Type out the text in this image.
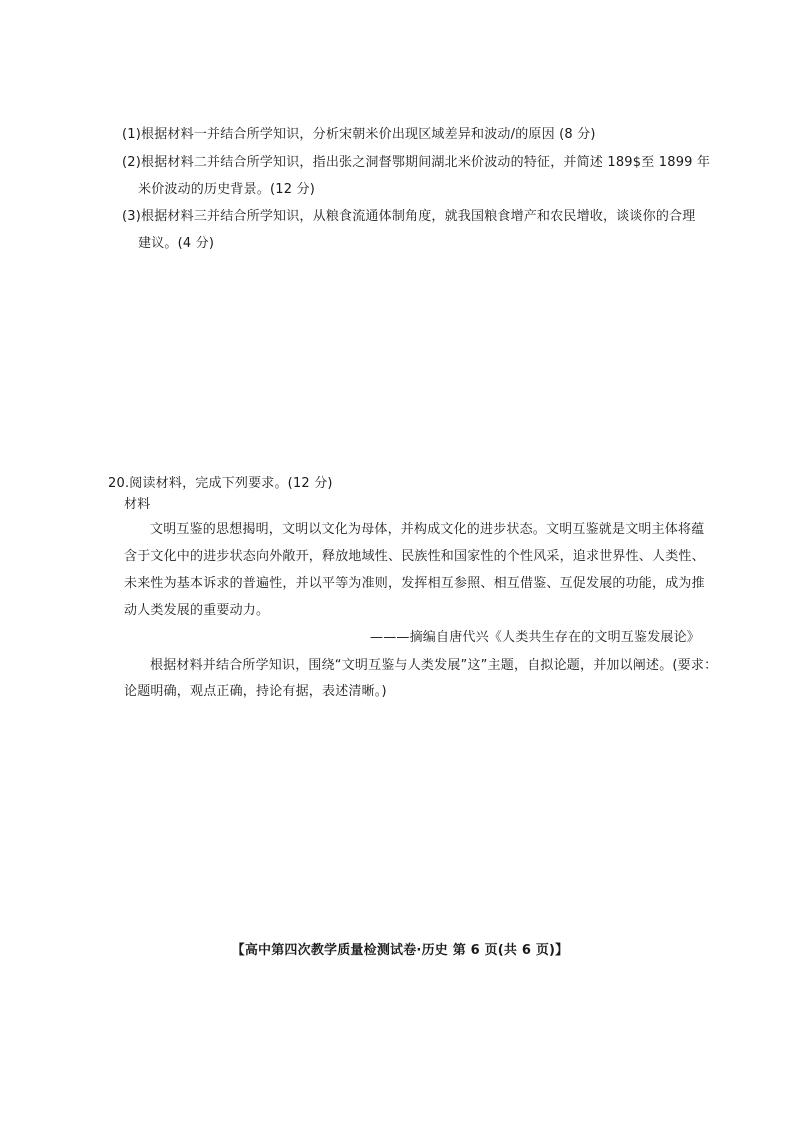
(1)根据材料一并结合所学知识，分析宋朝米价出现区域差异和波动/的原因 (8 分)
(2)根据材料二并结合所学知识，指出张之洞督鄂期间湖北米价波动的特征，并简述 189$至 1899 年
米价波动的历史背景。(12 分)
(3)根据材料三并结合所学知识，从粮食流通体制角度，就我国粮食增产和农民增收，谈谈你的合理
建议。(4 分)
20.阅读材料，完成下列要求。(12 分)
材料
文明互鉴的思想揭明，文明以文化为母体，并构成文化的进步状态。文明互鉴就是文明主体将蕴
含于文化中的进步状态向外敞开，释放地域性、民族性和国家性的个性风采，追求世界性、人类性、
未来性为基本诉求的普遍性，并以平等为准则，发挥相互参照、相互借鉴、互促发展的功能，成为推
动人类发展的重要动力。
———摘编自唐代兴《人类共生存在的文明互鉴发展论》
根据材料并结合所学知识，围绕“文明互鉴与人类发展”这”主题，自拟论题，并加以阐述。(要求：
论题明确，观点正确，持论有据，表述清晰。)
【高中第四次教学质量检测试卷·历史 第 6 页(共 6 页)】
